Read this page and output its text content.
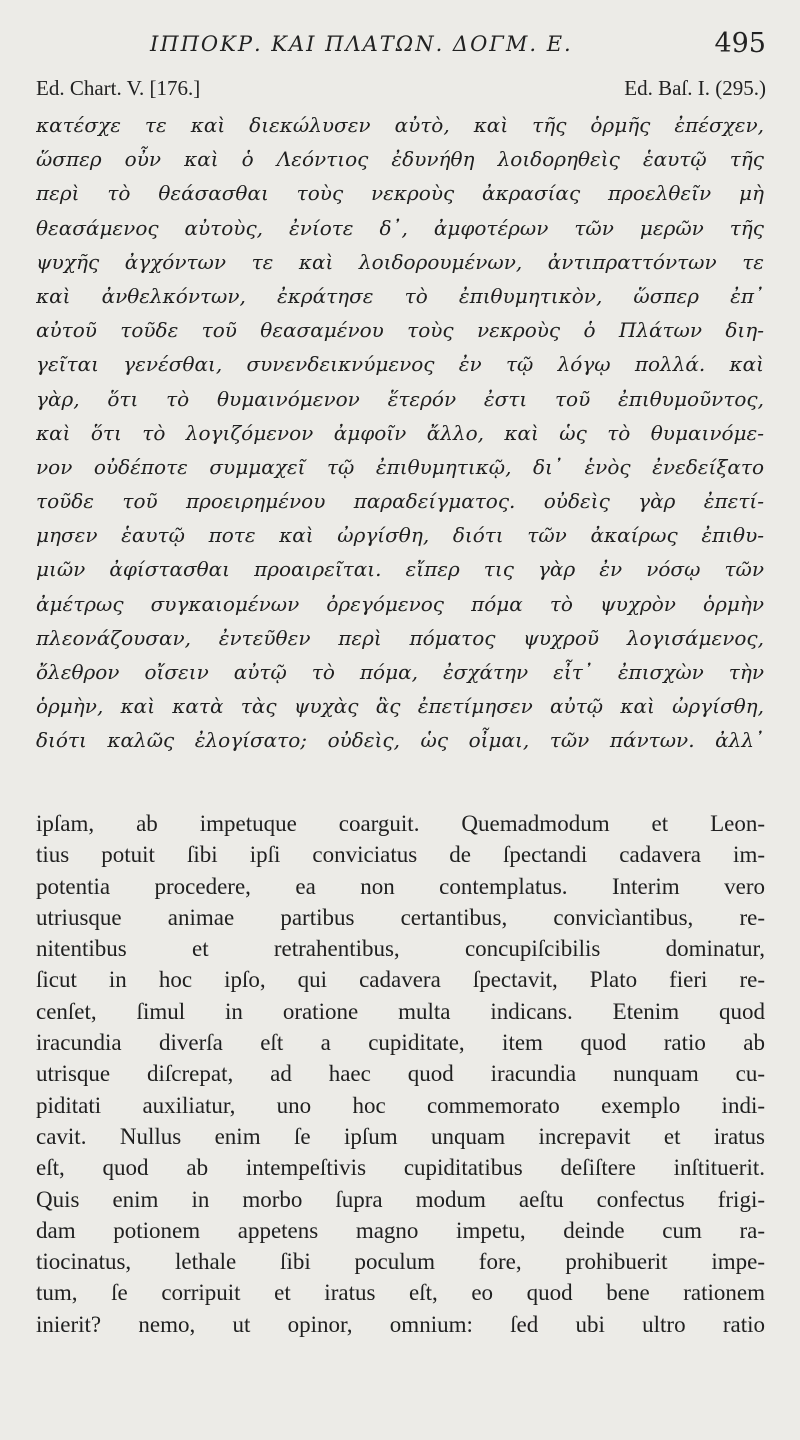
ΙΠΠΟΚΡ. ΚΑΙ ΠΛΑΤΩΝ. ΔΟΓΜ. Ε.	495
Ed. Chart. V. [176.]	Ed. Baſ. I. (295.)
κατέσχε τε καὶ διεκώλυσεν αὐτὸ, καὶ τῆς ὁρμῆς ἐπέσχεν,
ὥσπερ οὖν καὶ ὁ Λεόντιος ἐδυνήθη λοιδορηθεὶς ἑαυτῷ τῆς
περὶ τὸ θεάσασθαι τοὺς νεκροὺς ἀκρασίας προελθεῖν μὴ
θεασάμενος αὐτοὺς, ἐνίοτε δ᾽, ἀμφοτέρων τῶν μερῶν τῆς
ψυχῆς ἀγχόντων τε καὶ λοιδορουμένων, ἀντιπραττόντων τε
καὶ ἀνθελκόντων, ἐκράτησε τὸ ἐπιθυμητικὸν, ὥσπερ ἐπ᾽
αὐτοῦ τοῦδε τοῦ θεασαμένου τοὺς νεκροὺς ὁ Πλάτων διη-
γεῖται γενέσθαι, συνενδεικνύμενος ἐν τῷ λόγῳ πολλά. καὶ
γὰρ, ὅτι τὸ θυμαινόμενον ἕτερόν ἐστι τοῦ ἐπιθυμοῦντος,
καὶ ὅτι τὸ λογιζόμενον ἀμφοῖν ἄλλο, καὶ ὡς τὸ θυμαινόμε-
νον οὐδέποτε συμμαχεῖ τῷ ἐπιθυμητικῷ, δι᾽ ἑνὸς ἐνεδείξατο
τοῦδε τοῦ προειρημένου παραδείγματος. οὐδεὶς γὰρ ἐπετί-
μησεν ἑαυτῷ ποτε καὶ ὠργίσθη, διότι τῶν ἀκαίρως ἐπιθυ-
μιῶν ἀφίστασθαι προαιρεῖται. εἴπερ τις γὰρ ἐν νόσῳ τῶν
ἀμέτρως συγκαιομένων ὀρεγόμενος πόμα τὸ ψυχρὸν ὁρμὴν
πλεονάζουσαν, ἐντεῦθεν περὶ πόματος ψυχροῦ λογισάμενος,
ὄλεθρον οἴσειν αὐτῷ τὸ πόμα, ἐσχάτην εἶτ᾽ ἐπισχὼν τὴν
ὁρμὴν, καὶ κατὰ τὰς ψυχὰς ἃς ἐπετίμησεν αὐτῷ καὶ ὠργίσθη,
διότι καλῶς ἐλογίσατο; οὐδεὶς, ὡς οἶμαι, τῶν πάντων. ἀλλ᾽
ipſam, ab impetuque coarguit. Quemadmodum et Leon-
tius potuit ſibi ipſi conviciatus de ſpectandi cadavera im-
potentia procedere, ea non contemplatus. Interim vero
utriusque animae partibus certantibus, convicìantibus, re-
nitentibus et retrahentibus, concupiſcibilis dominatur,
ſicut in hoc ipſo, qui cadavera ſpectavit, Plato fieri re-
cenſet, ſimul in oratione multa indicans. Etenim quod
iracundia diverſa eſt a cupiditate, item quod ratio ab
utrisque diſcrepat, ad haec quod iracundia nunquam cu-
piditati auxiliatur, uno hoc commemorato exemplo indi-
cavit. Nullus enim ſe ipſum unquam increpavit et iratus
eſt, quod ab intempeſtivis cupiditatibus deſiſtere inſtituerit.
Quis enim in morbo ſupra modum aeſtu confectus frigi-
dam potionem appetens magno impetu, deinde cum ra-
tiocinatus, lethale ſibi poculum fore, prohibuerit impe-
tum, ſe corripuit et iratus eſt, eo quod bene rationem
inierit? nemo, ut opinor, omnium: ſed ubi ultro ratio
